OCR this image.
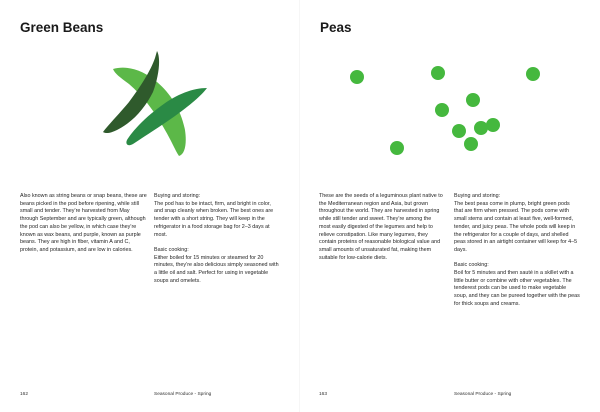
Green Beans
Also known as string beans or snap beans, these are beans picked in the pod before ripening, while still small and tender. They’re harvested from May through September and are typically green, although the pod can also be yellow, in which case they’re known as wax beans, and purple, known as purple beans. They are high in fiber, vitamin A and C, protein, and potassium, and are low in calories.
Buying and storing:
The pod has to be intact, firm, and bright in color, and snap cleanly when broken. The best ones are tender with a short string. They will keep in the refrigerator in a food storage bag for 2–3 days at most.
Basic cooking:
Either boiled for 15 minutes or steamed for 20 minutes, they’re also delicious simply seasoned with a little oil and salt. Perfect for using in vegetable soups and omelets.
162	Seasonal Produce - Spring
Peas
These are the seeds of a leguminous plant native to the Mediterranean region and Asia, but grown throughout the world. They are harvested in spring while still tender and sweet. They’re among the most easily digested of the legumes and help to relieve constipation. Like many legumes, they contain proteins of reasonable biological value and small amounts of unsaturated fat, making them suitable for low-calorie diets.
Buying and storing:
The best peas come in plump, bright green pods that are firm when pressed. The pods come with small stems and contain at least five, well-formed, tender, and juicy peas. The whole pods will keep in the refrigerator for a couple of days, and shelled peas stored in an airtight container will keep for 4–5 days.
Basic cooking:
Boil for 5 minutes and then sauté in a skillet with a little butter or combine with other vegetables. The tenderest pods can be used to make vegetable soup, and they can be pureed together with the peas for thick soups and creams.
163	Seasonal Produce - Spring
